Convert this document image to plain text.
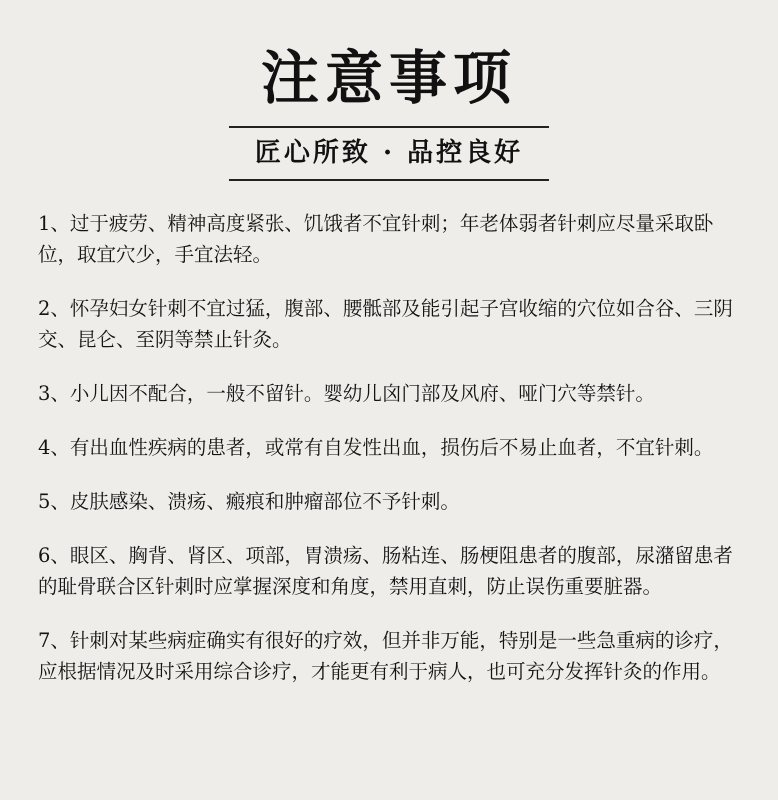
注意事项
匠心所致 · 品控良好
1、过于疲劳、精神高度紧张、饥饿者不宜针刺；年老体弱者针刺应尽量采取卧位，取宜穴少，手宜法轻。
2、怀孕妇女针刺不宜过猛，腹部、腰骶部及能引起子宫收缩的穴位如合谷、三阴交、昆仑、至阴等禁止针灸。
3、小儿因不配合，一般不留针。婴幼儿囟门部及风府、哑门穴等禁针。
4、有出血性疾病的患者，或常有自发性出血，损伤后不易止血者，不宜针刺。
5、皮肤感染、溃疡、瘢痕和肿瘤部位不予针刺。
6、眼区、胸背、肾区、项部，胃溃疡、肠粘连、肠梗阻患者的腹部，尿潴留患者的耻骨联合区针刺时应掌握深度和角度，禁用直刺，防止误伤重要脏器。
7、针刺对某些病症确实有很好的疗效，但并非万能，特别是一些急重病的诊疗，应根据情况及时采用综合诊疗，才能更有利于病人，也可充分发挥针灸的作用。
